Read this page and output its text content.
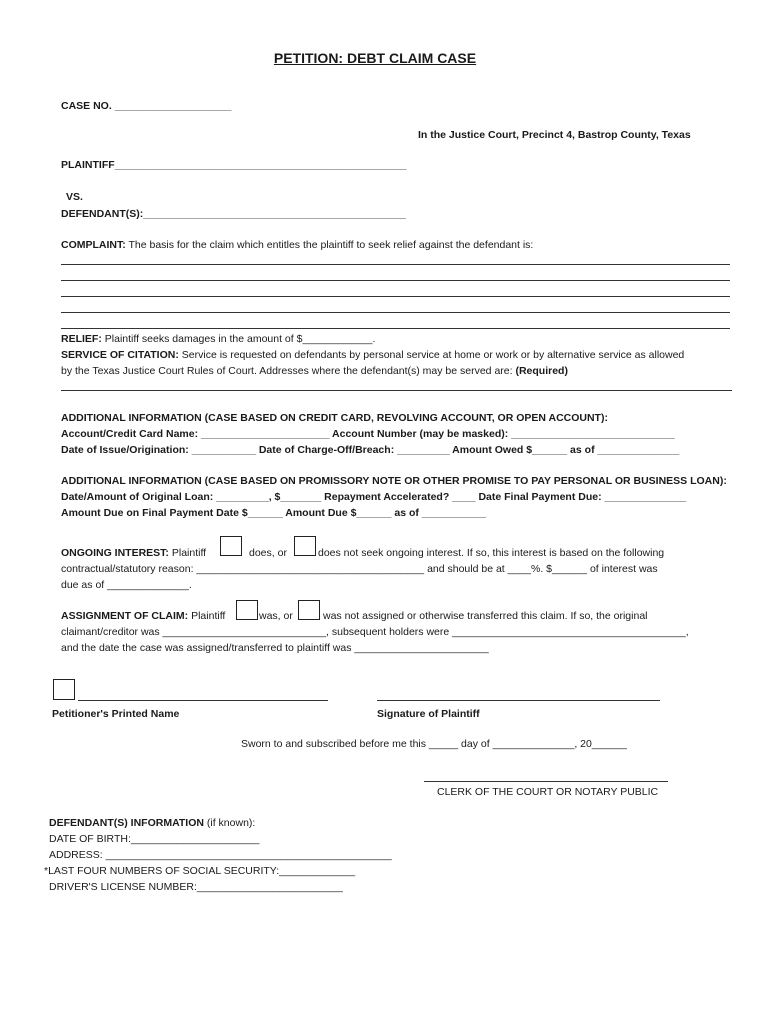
PETITION: DEBT CLAIM CASE
CASE NO. ____________________
In the Justice Court, Precinct 4, Bastrop County, Texas
PLAINTIFF__________________________________________________
VS.
DEFENDANT(S):_____________________________________________
COMPLAINT: The basis for the claim which entitles the plaintiff to seek relief against the defendant is:
RELIEF: Plaintiff seeks damages in the amount of $____________.
SERVICE OF CITATION: Service is requested on defendants by personal service at home or work or by alternative service as allowed
by the Texas Justice Court Rules of Court. Addresses where the defendant(s) may be served are: (Required)
ADDITIONAL INFORMATION (CASE BASED ON CREDIT CARD, REVOLVING ACCOUNT, OR OPEN ACCOUNT):
Account/Credit Card Name: ______________________ Account Number (may be masked): ____________________________
Date of Issue/Origination: ___________ Date of Charge-Off/Breach: _________ Amount Owed $______ as of ______________
ADDITIONAL INFORMATION (CASE BASED ON PROMISSORY NOTE OR OTHER PROMISE TO PAY PERSONAL OR BUSINESS LOAN):
Date/Amount of Original Loan: _________, $_______ Repayment Accelerated? ____ Date Final Payment Due: ______________
Amount Due on Final Payment Date $______ Amount Due $______ as of ___________
ONGOING INTEREST: Plaintiff	does, or	does not seek ongoing interest. If so, this interest is based on the following
contractual/statutory reason: _______________________________________ and should be at ____%. $______ of interest was
due as of ______________.
ASSIGNMENT OF CLAIM: Plaintiff	was, or	was not assigned or otherwise transferred this claim. If so, the original
claimant/creditor was ____________________________, subsequent holders were ________________________________________,
and the date the case was assigned/transferred to plaintiff was _______________________
Petitioner's Printed Name	Signature of Plaintiff
Sworn to and subscribed before me this _____ day of ______________, 20______
CLERK OF THE COURT OR NOTARY PUBLIC
DEFENDANT(S) INFORMATION (if known):
DATE OF BIRTH:______________________
ADDRESS: _________________________________________________
*LAST FOUR NUMBERS OF SOCIAL SECURITY:_____________
DRIVER'S LICENSE NUMBER:_________________________
